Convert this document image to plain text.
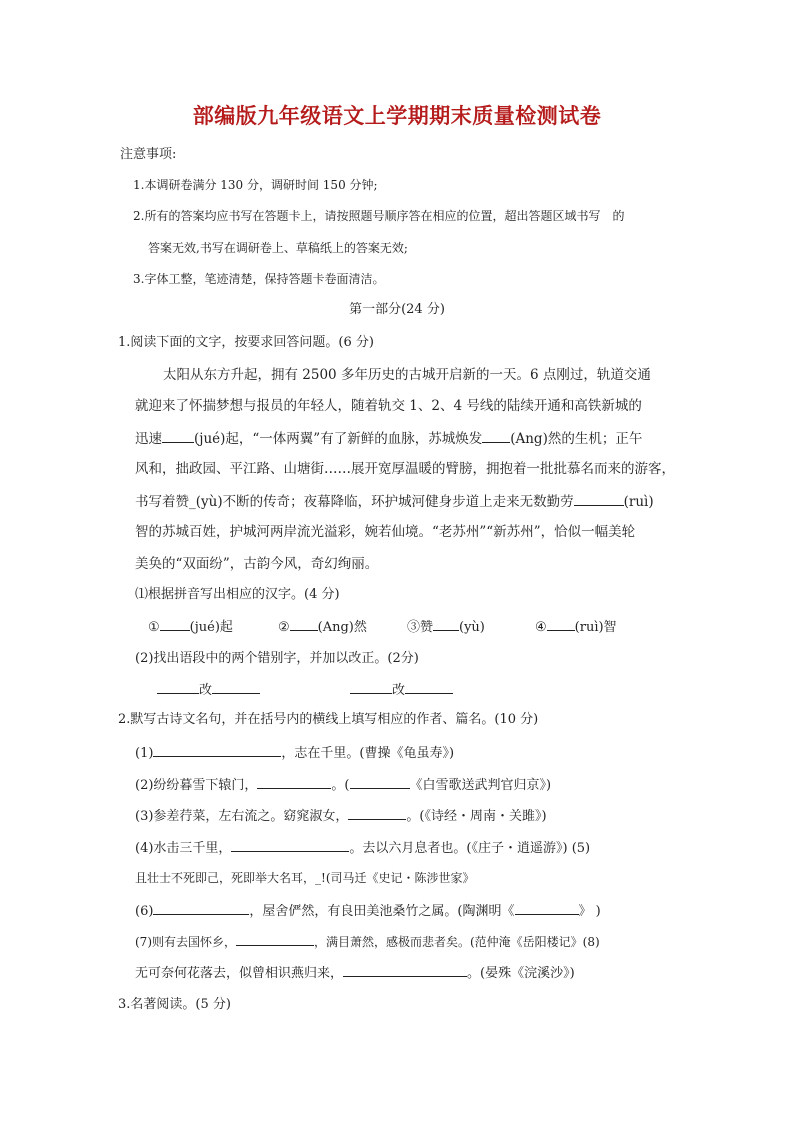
部编版九年级语文上学期期末质量检测试卷
注意事项:
1.本调研卷满分 130 分，调研时间 150 分钟;
2.所有的答案均应书写在答题卡上，请按照题号顺序答在相应的位置，超出答题区域书写　的
答案无效,书写在调研卷上、草稿纸上的答案无效;
3.字体工整，笔迹清楚，保持答题卡卷面清洁。
第一部分(24 分)
1.阅读下面的文字，按要求回答问题。(6 分)
太阳从东方升起，拥有 2500 多年历史的古城开启新的一天。6 点刚过，轨道交通
就迎来了怀揣梦想与报员的年轻人，随着轨交 1、2、4 号线的陆续开通和高铁新城的
迅速 (jué)起，“一体两翼”有了新鲜的血脉，苏城焕发 (Ang)然的生机；正午
风和，拙政园、平江路、山塘街……展开宽厚温暖的臂膀，拥抱着一批批慕名而来的游客，
书写着赞_(yù)不断的传奇；夜幕降临，环护城河健身步道上走来无数勤劳	(ruì)
智的苏城百姓，护城河两岸流光溢彩，婉若仙境。“老苏州”“新苏州”，恰似一幅美轮
美奂的“双面纷”，古韵今风，奇幻绚丽。
⑴根据拼音写出相应的汉字。(4 分)
① (jué)起	② (Ang)然	③赞 (yù)	④ (ruì)智
(2)找出语段中的两个错别字，并加以改正。(2分)
改	改
2.默写古诗文名句，并在括号内的横线上填写相应的作者、篇名。(10 分)
(1)	，志在千里。(曹操《龟虽寿》)
(2)纷纷暮雪下辕门，	。(	《白雪歌送武判官归京》)
(3)参差荇菜，左右流之。窈窕淑女，	。(《诗经・周南・关雎》)
(4)水击三千里，	。去以六月息者也。(《庄子・逍遥游》) (5)
且壮士不死即己，死即举大名耳，_!(司马迁《史记・陈涉世家》
(6)	，屋舍俨然，有良田美池桑竹之属。(陶渊明《	》 )
(7)则有去国怀乡，	，满目萧然，感极而悲者矣。(范仲淹《岳阳楼记》(8)
无可奈何花落去，似曾相识燕归来，	。(晏殊《浣溪沙》)
3.名著阅读。(5 分)
